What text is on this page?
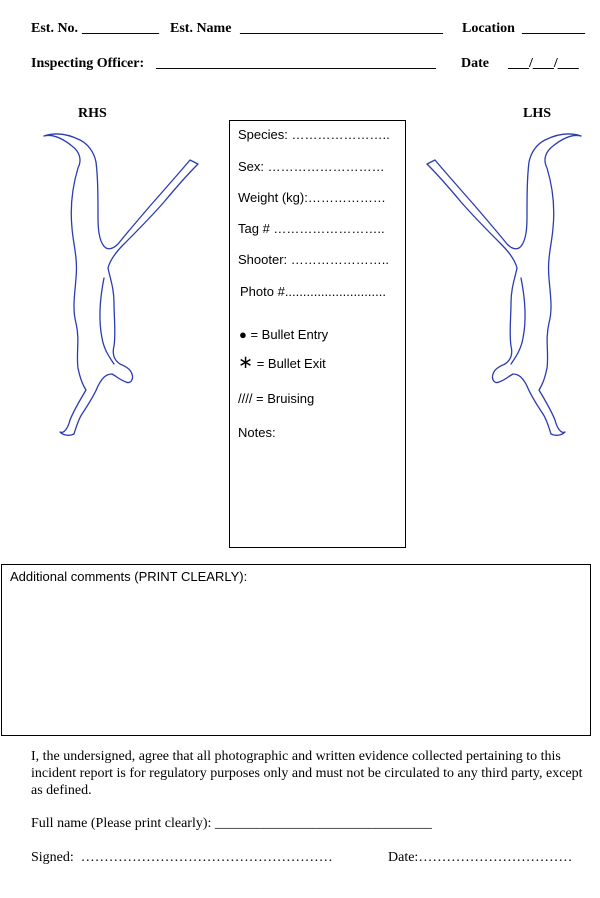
Est. No. ___________ Est. Name _____________________________ Location _________
Inspecting Officer: ________________________________________ Date ___/___/___
RHS	LHS
Species: …………………..
Sex: ………………………
Weight (kg):………………
Tag # ……………………..
Shooter: …………………..
Photo #............................
● = Bullet Entry
∗ = Bullet Exit
//// = Bruising
Notes:
Additional comments (PRINT CLEARLY):
I, the undersigned, agree that all photographic and written evidence collected pertaining to this incident report is for regulatory purposes only and must not be circulated to any third party, except as defined.
Full name (Please print clearly): _______________________________
Signed:  ………………………………………………	Date:……………………………
